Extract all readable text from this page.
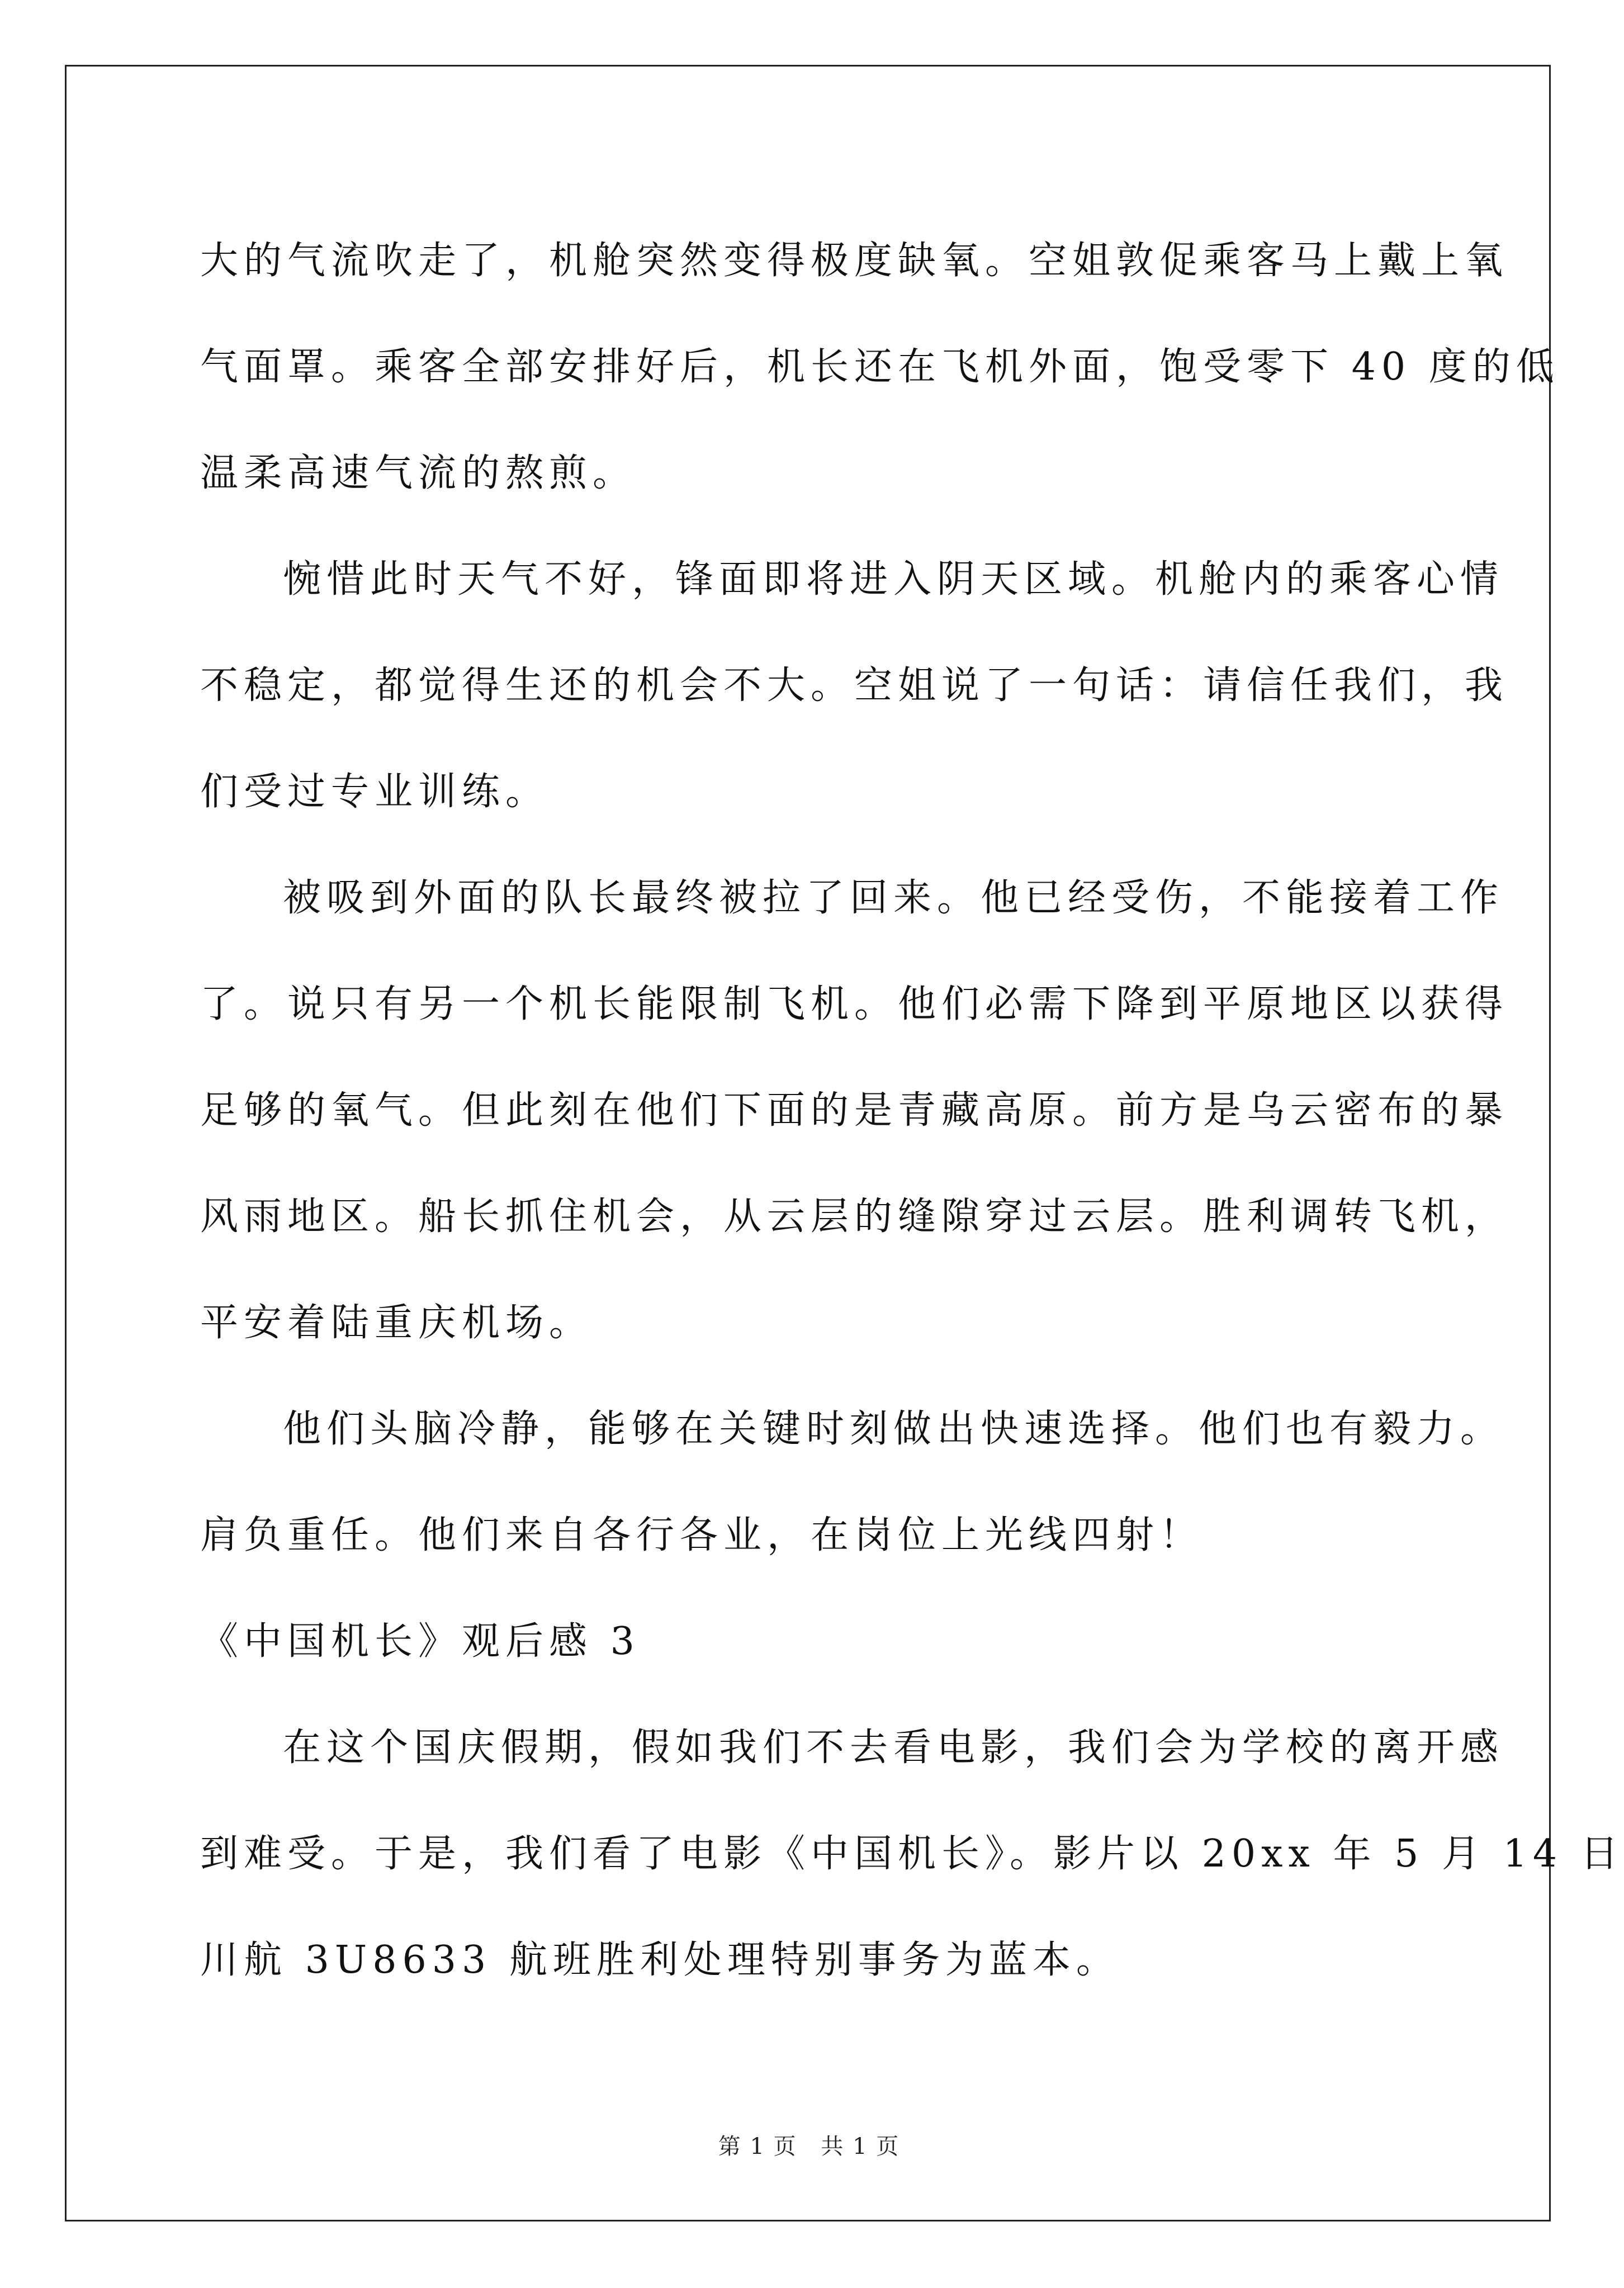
大的气流吹走了，机舱突然变得极度缺氧。空姐敦促乘客马上戴上氧
气面罩。乘客全部安排好后，机长还在飞机外面，饱受零下 40 度的低
温柔高速气流的熬煎。
惋惜此时天气不好，锋面即将进入阴天区域。机舱内的乘客心情
不稳定，都觉得生还的机会不大。空姐说了一句话：请信任我们，我
们受过专业训练。
被吸到外面的队长最终被拉了回来。他已经受伤，不能接着工作
了。说只有另一个机长能限制飞机。他们必需下降到平原地区以获得
足够的氧气。但此刻在他们下面的是青藏高原。前方是乌云密布的暴
风雨地区。船长抓住机会，从云层的缝隙穿过云层。胜利调转飞机，
平安着陆重庆机场。
他们头脑冷静，能够在关键时刻做出快速选择。他们也有毅力。
肩负重任。他们来自各行各业，在岗位上光线四射！
《中国机长》观后感 3
在这个国庆假期，假如我们不去看电影，我们会为学校的离开感
到难受。于是，我们看了电影《中国机长》。影片以 20xx 年 5 月 14 日
川航 3U8633 航班胜利处理特别事务为蓝本。
第 1 页 共 1 页
